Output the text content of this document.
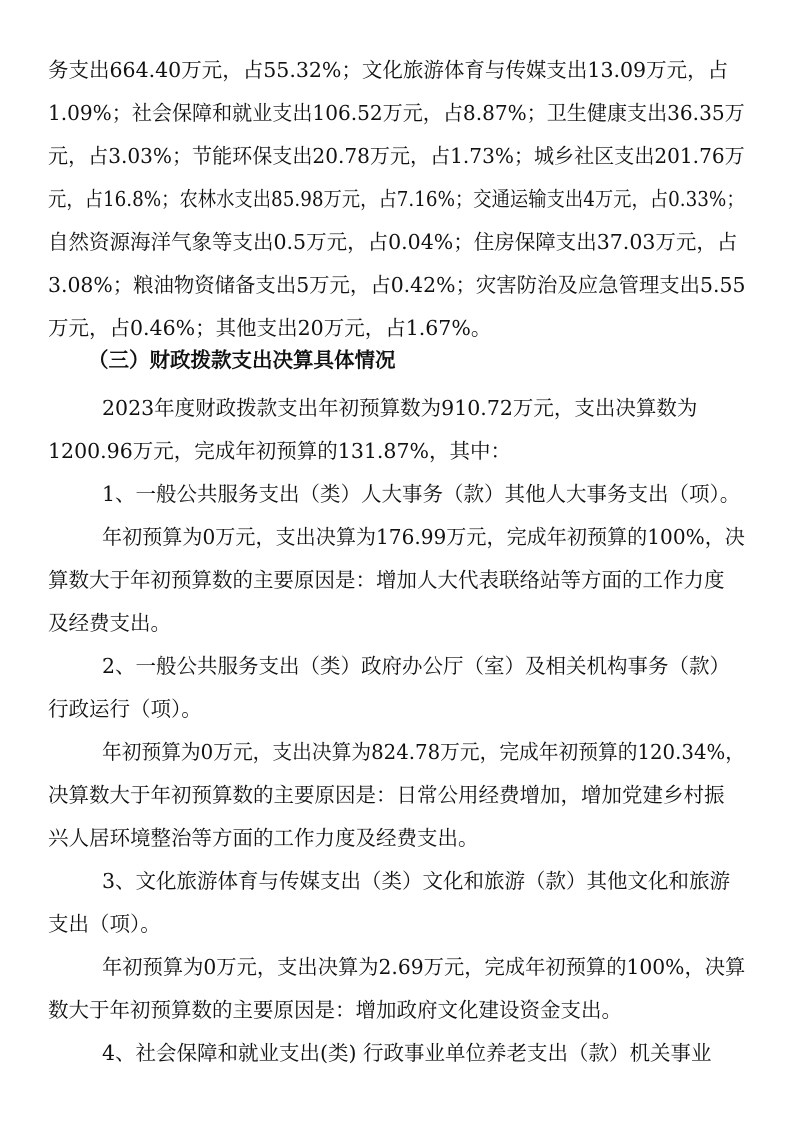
务支出664.40万元，占55.32%；文化旅游体育与传媒支出13.09万元，占
1.09%；社会保障和就业支出106.52万元，占8.87%；卫生健康支出36.35万
元，占3.03%；节能环保支出20.78万元，占1.73%；城乡社区支出201.76万
元，占16.8%；农林水支出85.98万元，占7.16%；交通运输支出4万元，占0.33%；
自然资源海洋气象等支出0.5万元，占0.04%；住房保障支出37.03万元，占
3.08%；粮油物资储备支出5万元，占0.42%；灾害防治及应急管理支出5.55
万元，占0.46%；其他支出20万元，占1.67%。
（三）财政拨款支出决算具体情况
2023年度财政拨款支出年初预算数为910.72万元，支出决算数为
1200.96万元，完成年初预算的131.87%，其中：
1、一般公共服务支出（类）人大事务（款）其他人大事务支出（项）。
年初预算为0万元，支出决算为176.99万元，完成年初预算的100%，决
算数大于年初预算数的主要原因是：增加人大代表联络站等方面的工作力度
及经费支出。
2、一般公共服务支出（类）政府办公厅（室）及相关机构事务（款）
行政运行（项）。
年初预算为0万元，支出决算为824.78万元，完成年初预算的120.34%，
决算数大于年初预算数的主要原因是：日常公用经费增加，增加党建乡村振
兴人居环境整治等方面的工作力度及经费支出。
3、文化旅游体育与传媒支出（类）文化和旅游（款）其他文化和旅游
支出（项）。
年初预算为0万元，支出决算为2.69万元，完成年初预算的100%，决算
数大于年初预算数的主要原因是：增加政府文化建设资金支出。
4、社会保障和就业支出(类) 行政事业单位养老支出（款）机关事业
